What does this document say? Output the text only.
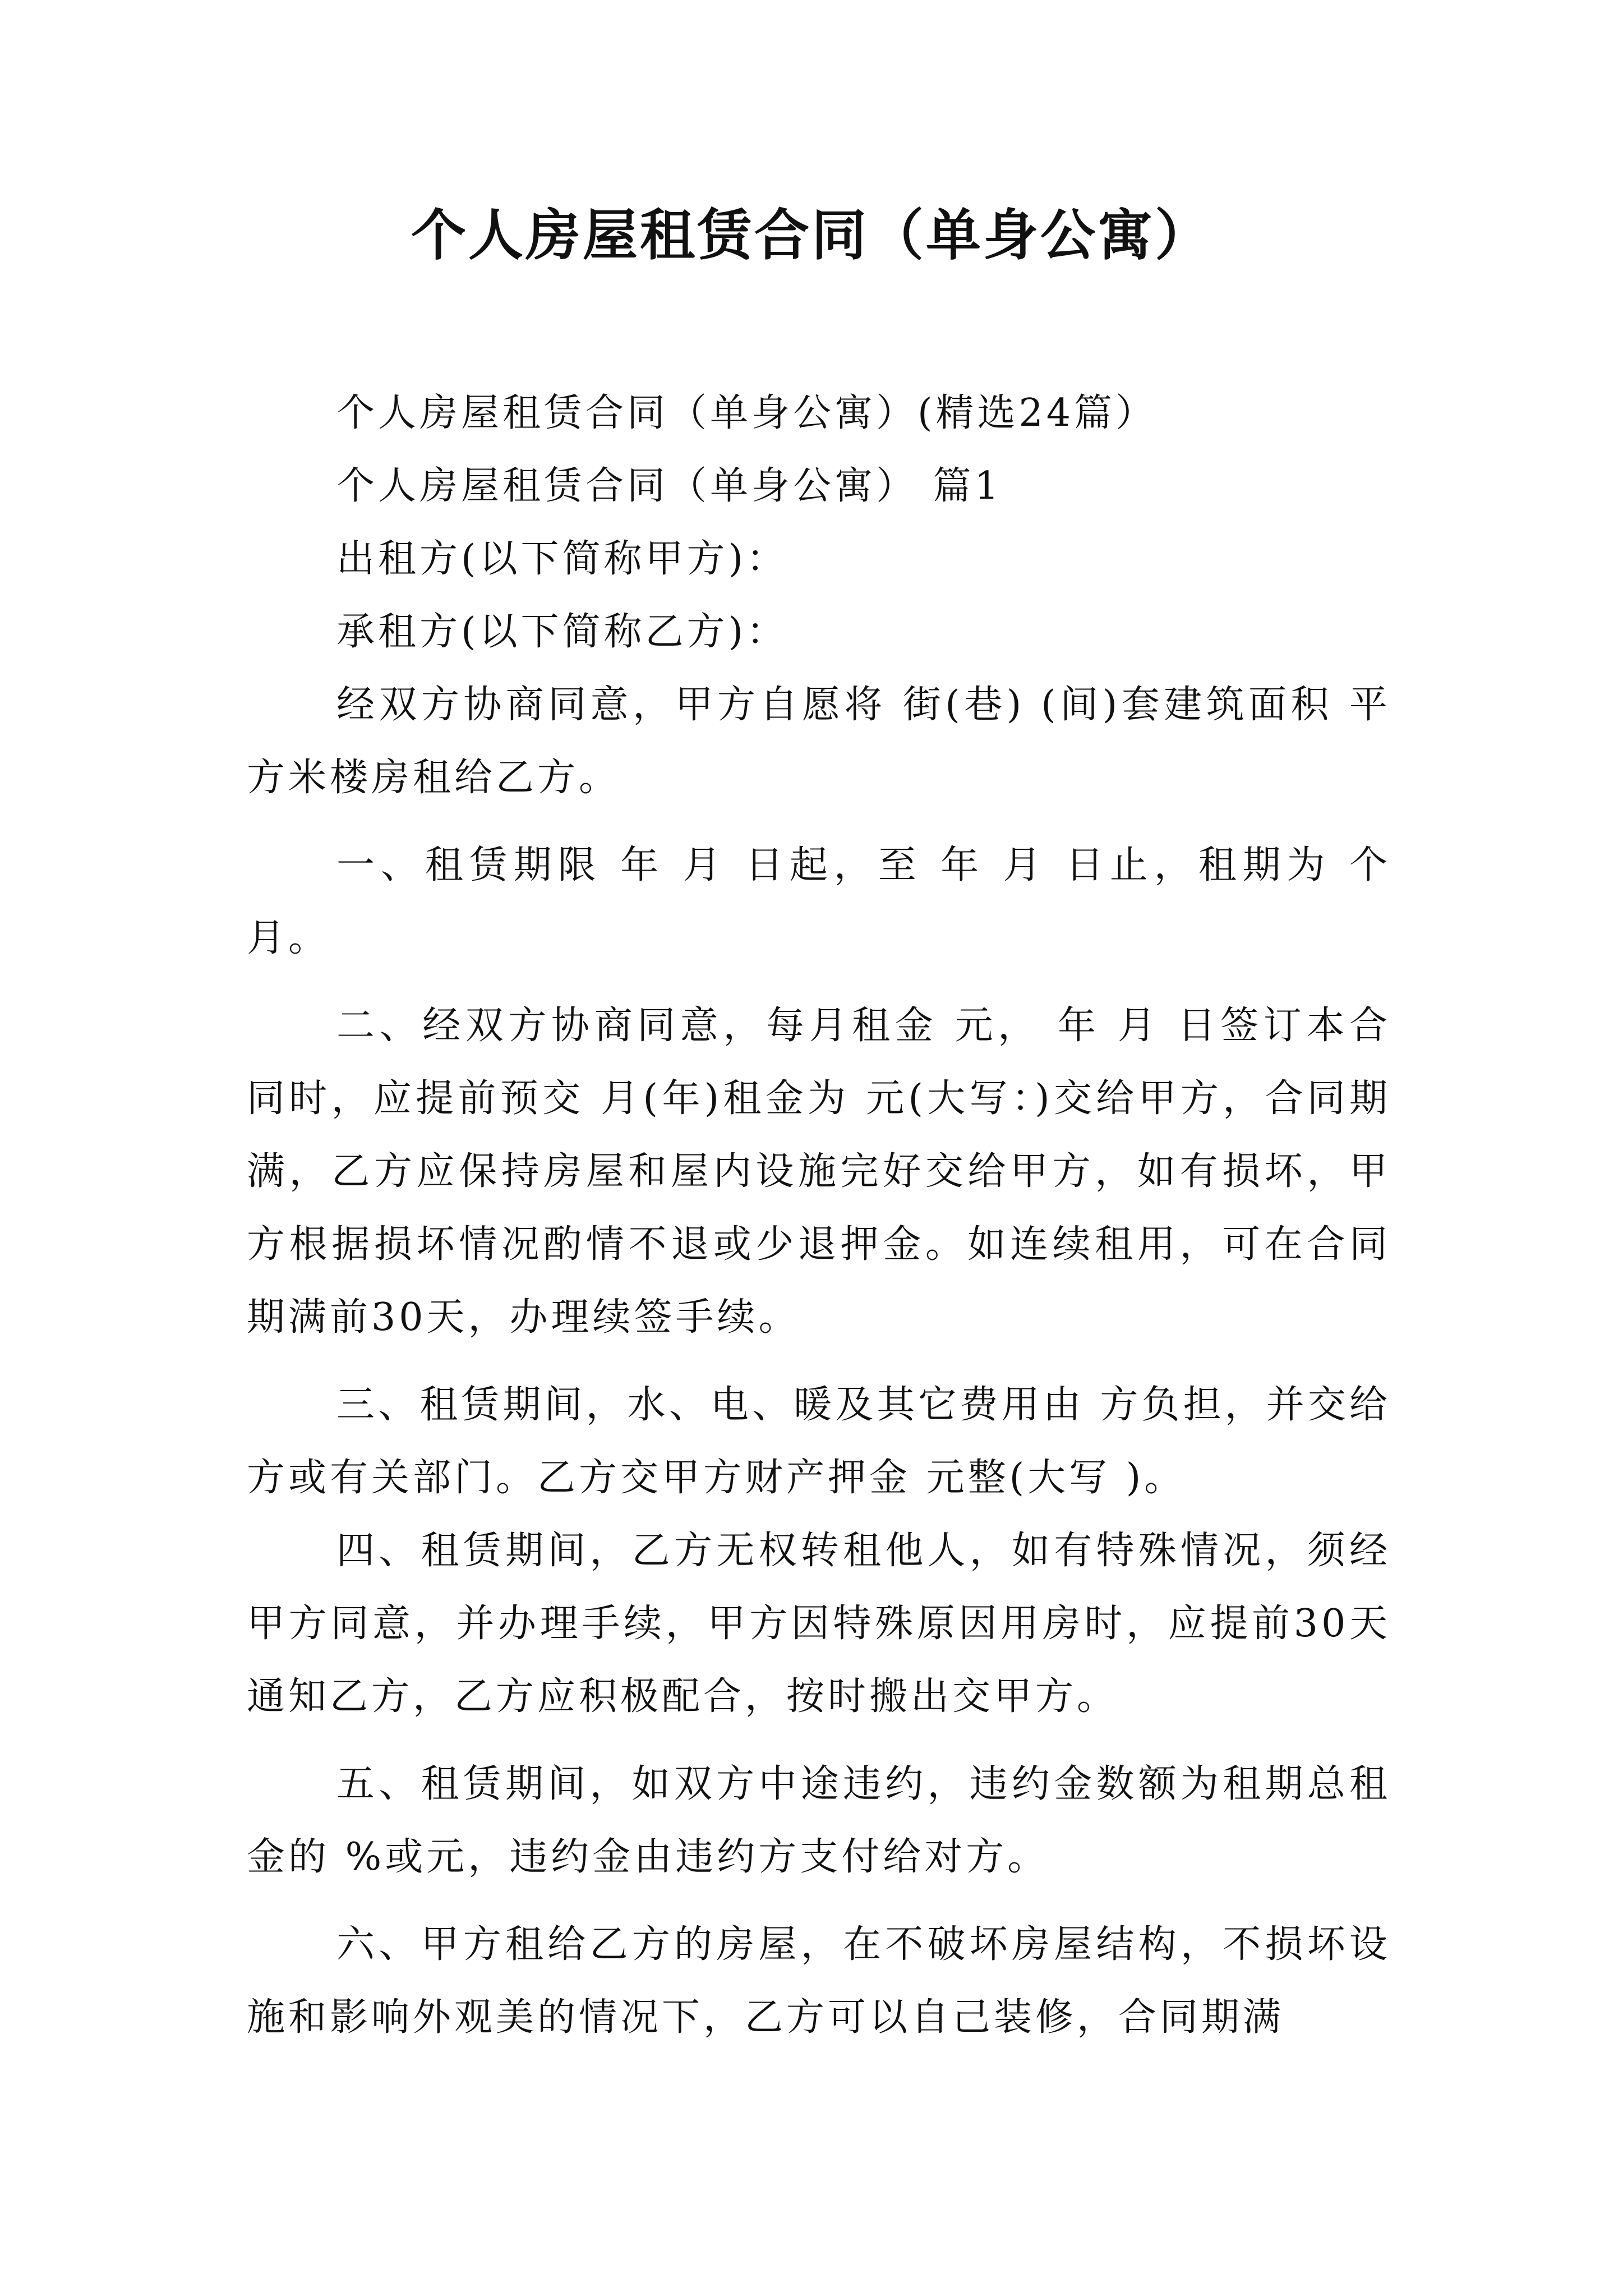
个人房屋租赁合同（单身公寓）

个人房屋租赁合同（单身公寓）(精选24篇）

个人房屋租赁合同（单身公寓） 篇1

出租方(以下简称甲方)：

承租方(以下简称乙方)：

经双方协商同意，甲方自愿将 街(巷) (间)套建筑面积 平方米楼房租给乙方。

一、租赁期限 年 月 日起，至 年 月 日止，租期为 个月。

二、经双方协商同意，每月租金 元， 年 月 日签订本合同时，应提前预交 月(年)租金为 元(大写：)交给甲方，合同期满，乙方应保持房屋和屋内设施完好交给甲方，如有损坏，甲方根据损坏情况酌情不退或少退押金。如连续租用，可在合同期满前30天，办理续签手续。

三、租赁期间，水、电、暖及其它费用由 方负担，并交给 方或有关部门。乙方交甲方财产押金 元整(大写 )。

四、租赁期间，乙方无权转租他人，如有特殊情况，须经甲方同意，并办理手续，甲方因特殊原因用房时，应提前30天通知乙方，乙方应积极配合，按时搬出交甲方。

五、租赁期间，如双方中途违约，违约金数额为租期总租金的 %或元，违约金由违约方支付给对方。

六、甲方租给乙方的房屋，在不破坏房屋结构，不损坏设施和影响外观美的情况下，乙方可以自己装修，合同期满
